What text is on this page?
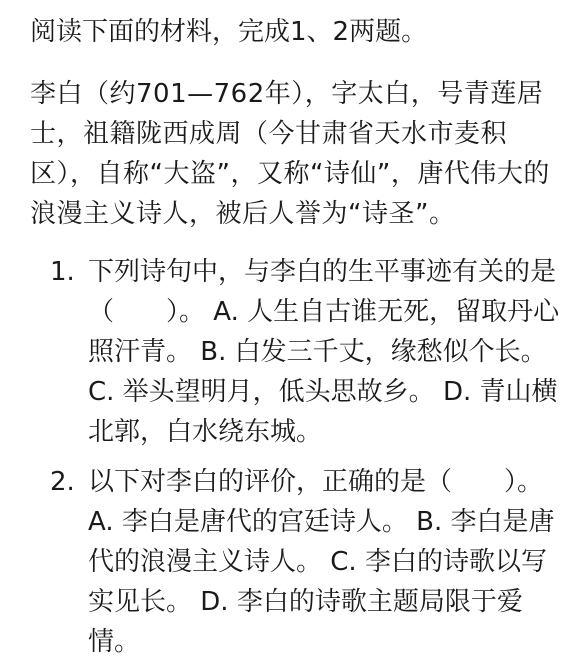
阅读下面的材料，完成1、2两题。

李白（约701—762年），字太白，号青莲居士，祖籍陇西成周（今甘肃省天水市麦积区），自称“大盗”，又称“诗仙”，唐代伟大的浪漫主义诗人，被后人誉为“诗圣”。

1. 下列诗句中，与李白的生平事迹有关的是（　　）。 A. 人生自古谁无死，留取丹心照汗青。 B. 白发三千丈，缘愁似个长。 C. 举头望明月，低头思故乡。 D. 青山横北郭，白水绕东城。
2. 以下对李白的评价，正确的是（　　）。 A. 李白是唐代的宫廷诗人。 B. 李白是唐代的浪漫主义诗人。 C. 李白的诗歌以写实见长。 D. 李白的诗歌主题局限于爱情。
